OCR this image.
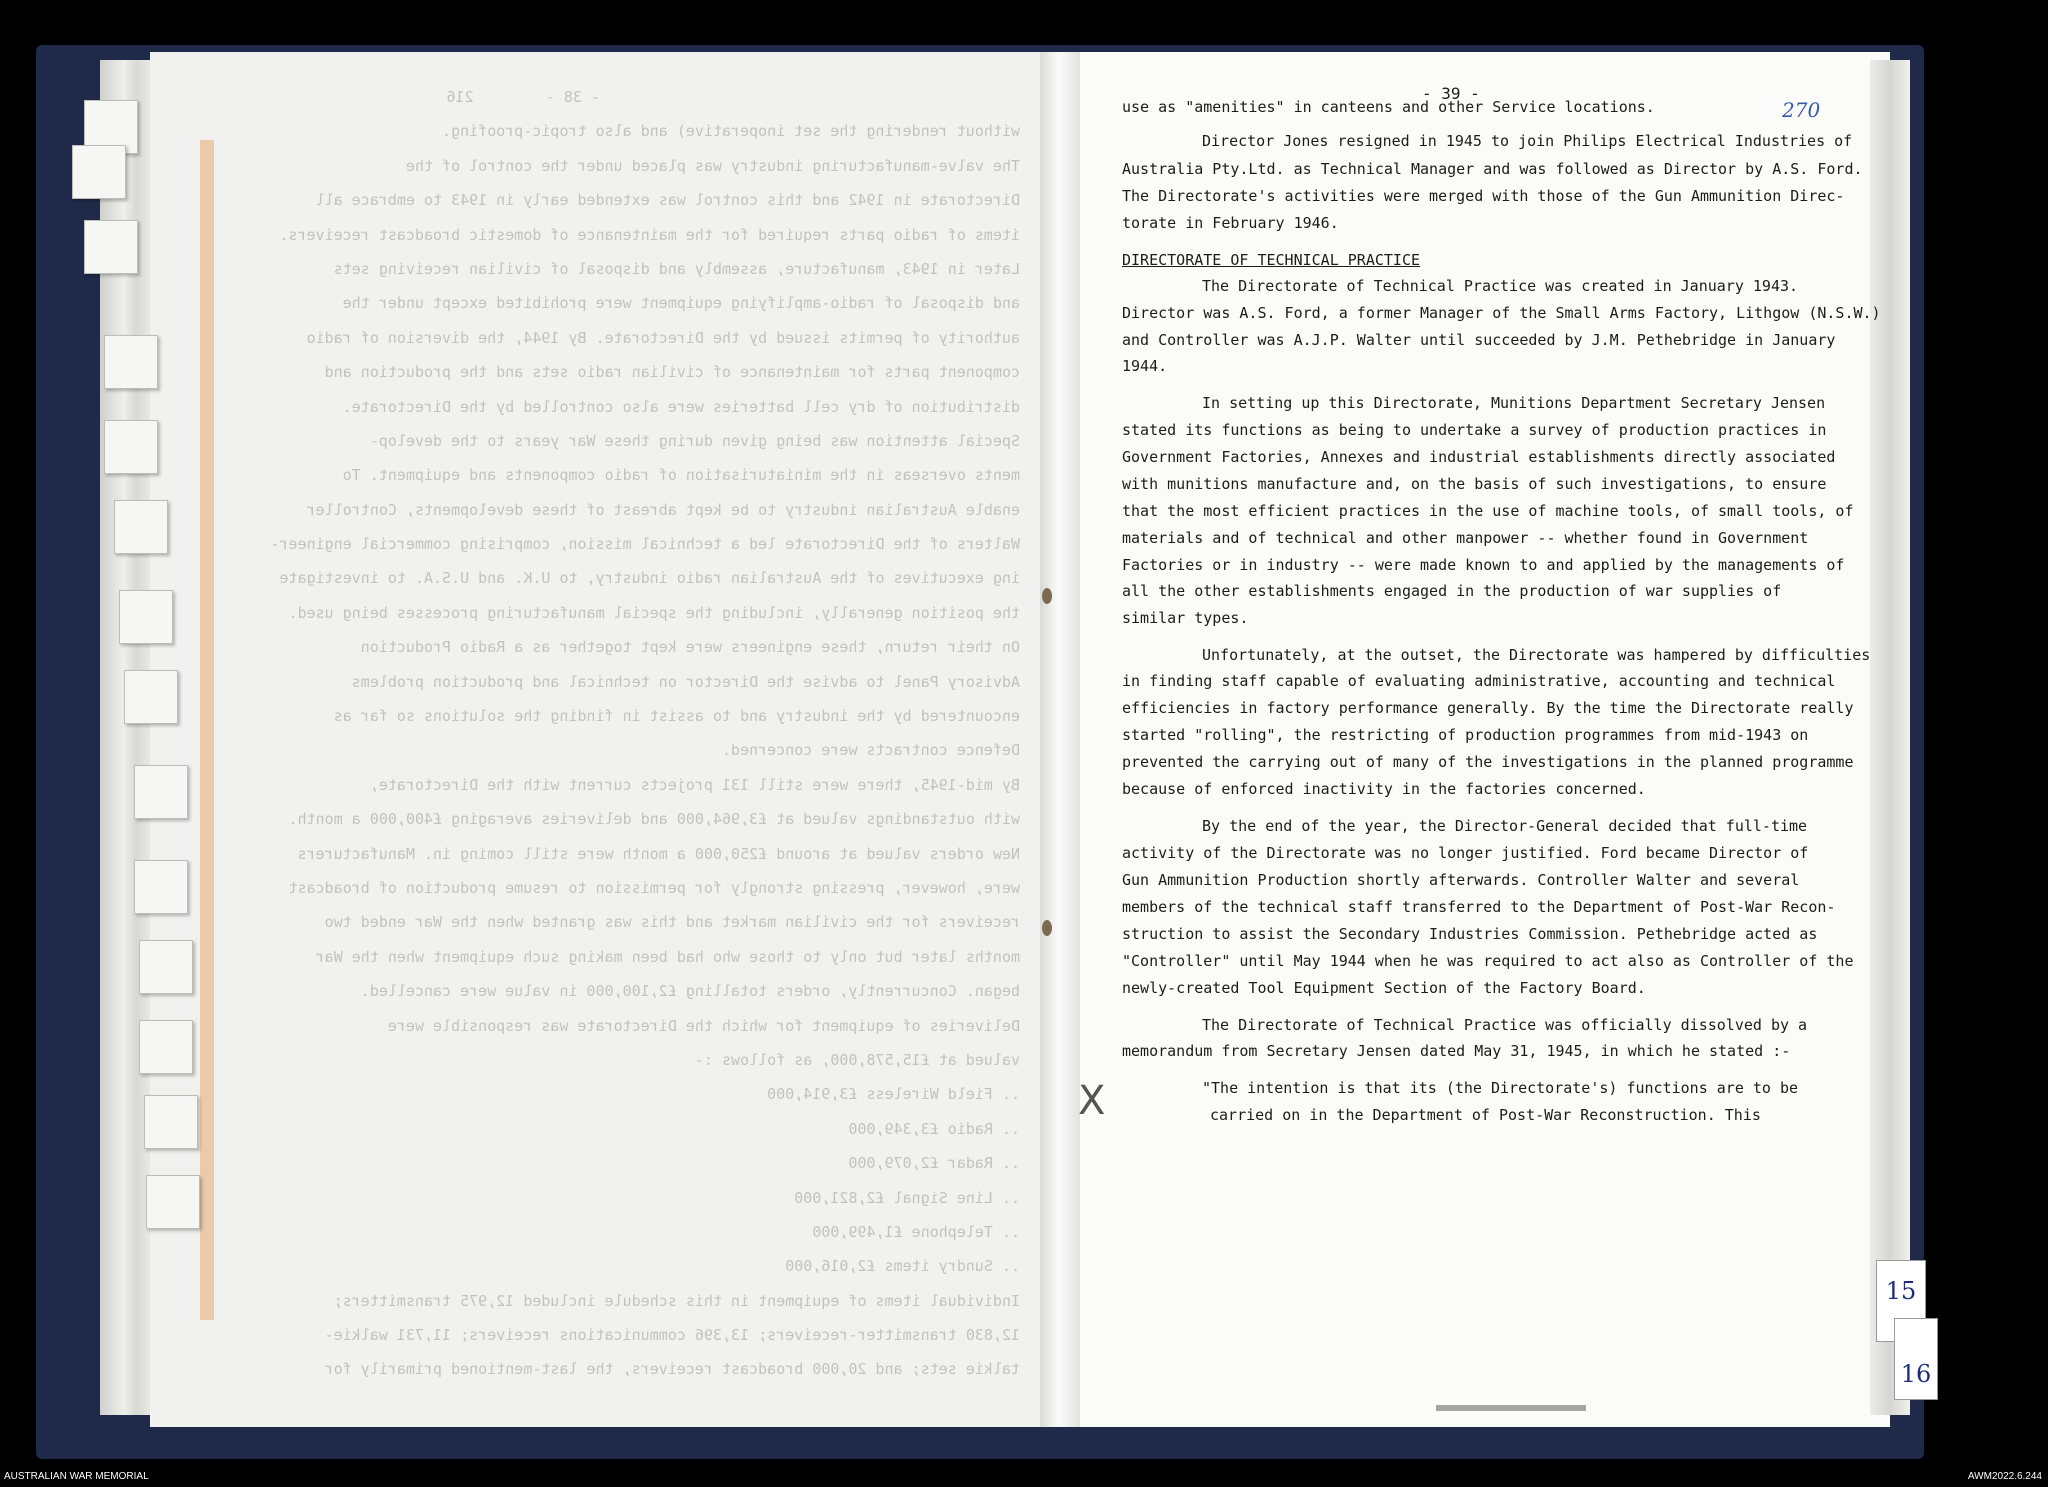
- 38 -        216
without rendering the set inoperative) and also tropic-proofing.
The valve-manufacturing industry was placed under the control of the
Directorate in 1942 and this control was extended early in 1943 to embrace all
items of radio parts required for the maintenance of domestic broadcast receivers.
Later in 1943, manufacture, assembly and disposal of civilian receiving sets
and disposal of radio-amplifying equipment were prohibited except under the
authority of permits issued by the Directorate. By 1944, the diversion of radio
component parts for maintenance of civilian radio sets and the production and
distribution of dry cell batteries were also controlled by the Directorate.
Special attention was being given during these War years to the develop-
ments overseas in the miniaturisation of radio components and equipment. To
enable Australian industry to be kept abreast of these developments, Controller
Walters of the Directorate led a technical mission, comprising commercial engineer-
ing executives of the Australian radio industry, to U.K. and U.S.A. to investigate
the position generally, including the special manufacturing processes being used.
On their return, these engineers were kept together as a Radio Production
Advisory Panel to advise the Director on technical and production problems
encountered by the industry and to assist in finding the solutions so far as
Defence contracts were concerned.
By mid-1945, there were still 131 projects current with the Directorate,
with outstandings valued at £3,964,000 and deliveries averaging £400,000 a month.
New orders valued at around £250,000 a month were still coming in. Manufacturers
were, however, pressing strongly for permission to resume production of broadcast
receivers for the civilian market and this was granted when the War ended two
months later but only to those who had been making such equipment when the War
began. Concurrently, orders totalling £2,100,000 in value were cancelled.
Deliveries of equipment for which the Directorate was responsible were
valued at £15,578,000, as follows :-
.. Field Wireless £3,914,000
.. Radio £3,349,000
.. Radar £2,079,000
.. Line Signal £2,821,000
.. Telephone £1,499,000
.. Sundry items £2,016,000
Individual items of equipment in this schedule included 12,975 transmitters;
12,830 transmitter-receivers; 13,396 communications receivers; 11,731 walkie-
talkie sets; and 20,000 broadcast receivers, the last-mentioned primarily for
- 39 -
use as "amenities" in canteens and other Service locations.
Director Jones resigned in 1945 to join Philips Electrical Industries of
Australia Pty.Ltd. as Technical Manager and was followed as Director by A.S. Ford.
The Directorate's activities were merged with those of the Gun Ammunition Direc-
torate in February 1946.
DIRECTORATE OF TECHNICAL PRACTICE
The Directorate of Technical Practice was created in January 1943.
Director was A.S. Ford, a former Manager of the Small Arms Factory, Lithgow (N.S.W.)
and Controller was A.J.P. Walter until succeeded by J.M. Pethebridge in January
1944.
In setting up this Directorate, Munitions Department Secretary Jensen
stated its functions as being to undertake a survey of production practices in
Government Factories, Annexes and industrial establishments directly associated
with munitions manufacture and, on the basis of such investigations, to ensure
that the most efficient practices in the use of machine tools, of small tools, of
materials and of technical and other manpower -- whether found in Government
Factories or in industry -- were made known to and applied by the managements of
all the other establishments engaged in the production of war supplies of
similar types.
Unfortunately, at the outset, the Directorate was hampered by difficulties
in finding staff capable of evaluating administrative, accounting and technical
efficiencies in factory performance generally. By the time the Directorate really
started "rolling", the restricting of production programmes from mid-1943 on
prevented the carrying out of many of the investigations in the planned programme
because of enforced inactivity in the factories concerned.
By the end of the year, the Director-General decided that full-time
activity of the Directorate was no longer justified. Ford became Director of
Gun Ammunition Production shortly afterwards. Controller Walter and several
members of the technical staff transferred to the Department of Post-War Recon-
struction to assist the Secondary Industries Commission. Pethebridge acted as
"Controller" until May 1944 when he was required to act also as Controller of the
newly-created Tool Equipment Section of the Factory Board.
The Directorate of Technical Practice was officially dissolved by a
memorandum from Secretary Jensen dated May 31, 1945, in which he stated :-
"The intention is that its (the Directorate's) functions are to be
carried on in the Department of Post-War Reconstruction. This
270
X
15
16
AUSTRALIAN WAR MEMORIAL	AWM2022.6.244
